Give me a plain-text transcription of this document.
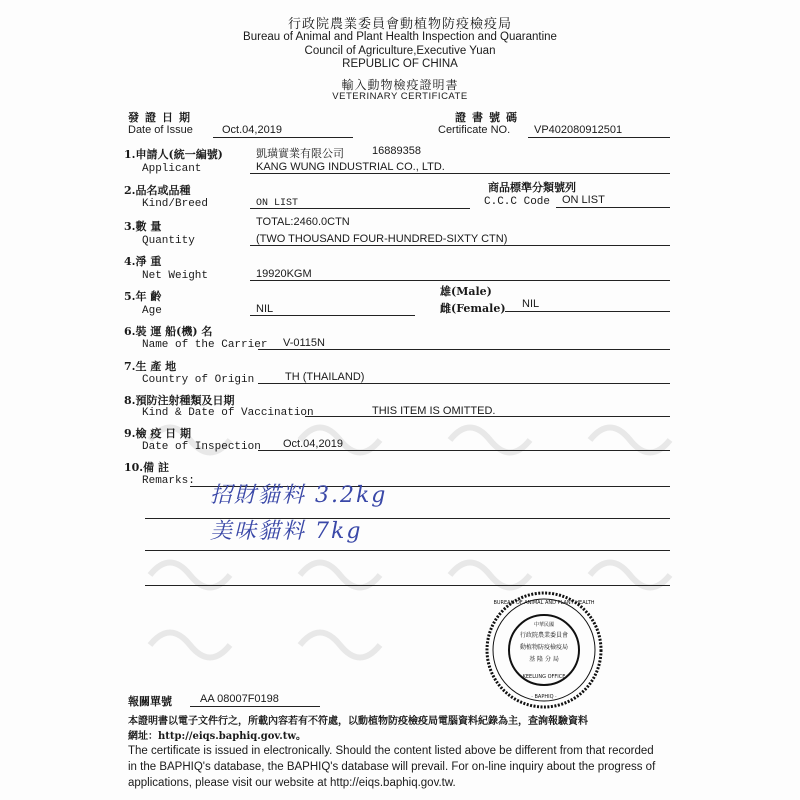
行政院農業委員會動植物防疫檢疫局
Bureau of Animal and Plant Health Inspection and Quarantine
Council of Agriculture,Executive Yuan
REPUBLIC OF CHINA
輸入動物檢疫證明書
VETERINARY CERTIFICATE
發證日期
Date of Issue	Oct.04,2019
證書號碼
Certificate NO. VP402080912501
1.申請人(統一編號)
Applicant
凱璜實業有限公司	16889358
KANG WUNG INDUSTRIAL CO., LTD.
2.品名或品種
Kind/Breed	ON LIST
商品標準分類號列
C.C.C Code ON LIST
3.數 量
Quantity
TOTAL:2460.0CTN
(TWO THOUSAND FOUR-HUNDRED-SIXTY CTN)
4.淨 重
Net Weight	19920KGM
5.年 齡
Age	NIL
雄(Male)
雌(Female) NIL
6.裝 運 船(機) 名
Name of the Carrier V-0115N
7.生 產 地
Country of Origin	TH (THAILAND)
8.預防注射種類及日期
Kind & Date of Vaccination	THIS ITEM IS OMITTED.
9.檢 疫 日 期
Date of Inspection Oct.04,2019
10.備 註
Remarks:
招財貓料 3.2kg
美味貓料 7kg
BUREAU OF ANIMAL AND PLANT HEALTH
中華民國
行政院農業委員會
動植物防疫檢疫局
基 隆 分 局
KEELUNG OFFICE
· BAPHIQ ·
報關單號	AA 08007F0198
本證明書以電子文件行之，所載內容若有不符處，以動植物防疫檢疫局電腦資料紀錄為主，查詢報驗資料
網址：http://eiqs.baphiq.gov.tw。
The certificate is issued in electronically. Should the content listed above be different from that recorded
in the BAPHIQ's database, the BAPHIQ's database will prevail. For on-line inquiry about the progress of
applications, please visit our website at http://eiqs.baphiq.gov.tw.
